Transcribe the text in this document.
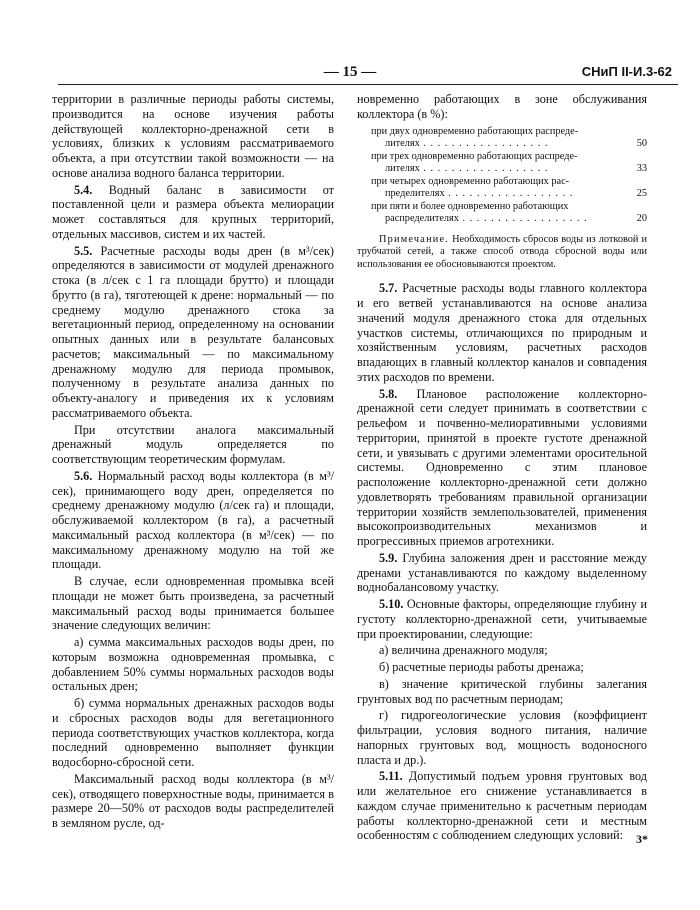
— 15 —	СНиП II-И.3-62

территории в различные периоды работы системы, производится на основе изучения работы действующей коллекторно-дренажной сети в условиях, близких к условиям рассматриваемого объекта, а при отсутствии такой возможности — на основе анализа водного баланса территории.

5.4. Водный баланс в зависимости от поставленной цели и размера объекта мелиорации может составляться для крупных территорий, отдельных массивов, систем и их частей.

5.5. Расчетные расходы воды дрен (в м³/сек) определяются в зависимости от модулей дренажного стока (в л/сек с 1 га площади брутто) и площади брутто (в га), тяготеющей к дрене: нормальный — по среднему модулю дренажного стока за вегетационный период, определенному на основании опытных данных или в результате балансовых расчетов; максимальный — по максимальному дренажному модулю для периода промывок, полученному в результате анализа данных по объекту-аналогу и приведения их к условиям рассматриваемого объекта.

При отсутствии аналога максимальный дренажный модуль определяется по соответствующим теоретическим формулам.

5.6. Нормальный расход воды коллектора (в м³/сек), принимающего воду дрен, определяется по среднему дренажному модулю (л/сек га) и площади, обслуживаемой коллектором (в га), а расчетный максимальный расход коллектора (в м³/сек) — по максимальному дренажному модулю на той же площади.

В случае, если одновременная промывка всей площади не может быть произведена, за расчетный максимальный расход воды принимается большее значение следующих величин:

а) сумма максимальных расходов воды дрен, по которым возможна одновременная промывка, с добавлением 50% суммы нормальных расходов воды остальных дрен;

б) сумма нормальных дренажных расходов воды и сбросных расходов воды для вегетационного периода соответствующих участков коллектора, когда последний одновременно выполняет функции водосборно-сбросной сети.

Максимальный расход воды коллектора (в м³/сек), отводящего поверхностные воды, принимается в размере 20—50% от расходов воды распределителей в земляном русле, од-

новременно работающих в зоне обслуживания коллектора (в %):

при двух одновременно работающих распреде-
лителях . . . . . . . . . . . . . . . . . .	50
при трех одновременно работающих распреде-
лителях . . . . . . . . . . . . . . . . . .	33
при четырех одновременно работающих рас-
пределителях . . . . . . . . . . . . . . . . . .	25
при пяти и более одновременно работающих
распределителях . . . . . . . . . . . . . . . . . .	20
Примечание. Необходимость сбросов воды из лотковой и трубчатой сетей, а также способ отвода сбросной воды или использования ее обосновываются проектом.

5.7. Расчетные расходы воды главного коллектора и его ветвей устанавливаются на основе анализа значений модуля дренажного стока для отдельных участков системы, отличающихся по природным и хозяйственным условиям, расчетных расходов впадающих в главный коллектор каналов и совпадения этих расходов по времени.

5.8. Плановое расположение коллекторно-дренажной сети следует принимать в соответствии с рельефом и почвенно-мелиоративными условиями территории, принятой в проекте густоте дренажной сети, и увязывать с другими элементами оросительной системы. Одновременно с этим плановое расположение коллекторно-дренажной сети должно удовлетворять требованиям правильной организации территории хозяйств землепользователей, применения высокопроизводительных механизмов и прогрессивных приемов агротехники.

5.9. Глубина заложения дрен и расстояние между дренами устанавливаются по каждому выделенному воднобалансовому участку.

5.10. Основные факторы, определяющие глубину и густоту коллекторно-дренажной сети, учитываемые при проектировании, следующие:

а) величина дренажного модуля;

б) расчетные периоды работы дренажа;

в) значение критической глубины залегания грунтовых вод по расчетным периодам;

г) гидрогеологические условия (коэффициент фильтрации, условия водного питания, наличие напорных грунтовых вод, мощность водоносного пласта и др.).

5.11. Допустимый подъем уровня грунтовых вод или желательное его снижение устанавливается в каждом случае применительно к расчетным периодам работы коллекторно-дренажной сети и местным особенностям с соблюдением следующих условий:	3*
